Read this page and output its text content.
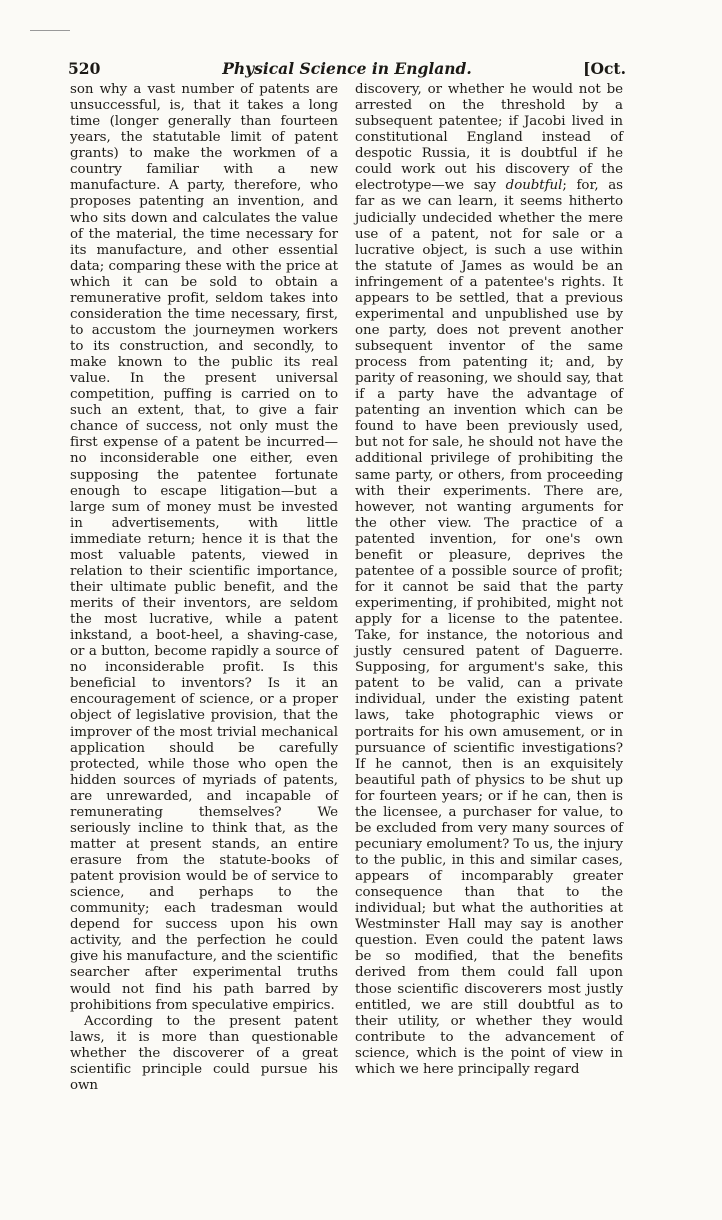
520	Physical Science in England.	[Oct.

son why a vast number of patents are unsuccessful, is, that it takes a long time (longer generally than fourteen years, the statutable limit of patent grants) to make the workmen of a country familiar with a new manufacture. A party, therefore, who proposes patenting an invention, and who sits down and calculates the value of the material, the time necessary for its manufacture, and other essential data; comparing these with the price at which it can be sold to obtain a remunerative profit, seldom takes into consideration the time necessary, first, to accustom the journeymen workers to its construction, and secondly, to make known to the public its real value. In the present universal competition, puffing is carried on to such an extent, that, to give a fair chance of success, not only must the first expense of a patent be incurred—no inconsiderable one either, even supposing the patentee fortunate enough to escape litigation—but a large sum of money must be invested in advertisements, with little immediate return; hence it is that the most valuable patents, viewed in relation to their scientific importance, their ultimate public benefit, and the merits of their inventors, are seldom the most lucrative, while a patent inkstand, a boot-heel, a shaving-case, or a button, become rapidly a source of no inconsiderable profit. Is this beneficial to inventors? Is it an encouragement of science, or a proper object of legislative provision, that the improver of the most trivial mechanical application should be carefully protected, while those who open the hidden sources of myriads of patents, are unrewarded, and incapable of remunerating themselves? We seriously incline to think that, as the matter at present stands, an entire erasure from the statute-books of patent provision would be of service to science, and perhaps to the community; each tradesman would depend for success upon his own activity, and the perfection he could give his manufacture, and the scientific searcher after experimental truths would not find his path barred by prohibitions from speculative empirics.

According to the present patent laws, it is more than questionable whether the discoverer of a great scientific principle could pursue his own

discovery, or whether he would not be arrested on the threshold by a subsequent patentee; if Jacobi lived in constitutional England instead of despotic Russia, it is doubtful if he could work out his discovery of the electrotype—we say doubtful; for, as far as we can learn, it seems hitherto judicially undecided whether the mere use of a patent, not for sale or a lucrative object, is such a use within the statute of James as would be an infringement of a patentee's rights. It appears to be settled, that a previous experimental and unpublished use by one party, does not prevent another subsequent inventor of the same process from patenting it; and, by parity of reasoning, we should say, that if a party have the advantage of patenting an invention which can be found to have been previously used, but not for sale, he should not have the additional privilege of prohibiting the same party, or others, from proceeding with their experiments. There are, however, not wanting arguments for the other view. The practice of a patented invention, for one's own benefit or pleasure, deprives the patentee of a possible source of profit; for it cannot be said that the party experimenting, if prohibited, might not apply for a license to the patentee. Take, for instance, the notorious and justly censured patent of Daguerre. Supposing, for argument's sake, this patent to be valid, can a private individual, under the existing patent laws, take photographic views or portraits for his own amusement, or in pursuance of scientific investigations? If he cannot, then is an exquisitely beautiful path of physics to be shut up for fourteen years; or if he can, then is the licensee, a purchaser for value, to be excluded from very many sources of pecuniary emolument? To us, the injury to the public, in this and similar cases, appears of incomparably greater consequence than that to the individual; but what the authorities at Westminster Hall may say is another question. Even could the patent laws be so modified, that the benefits derived from them could fall upon those scientific discoverers most justly entitled, we are still doubtful as to their utility, or whether they would contribute to the advancement of science, which is the point of view in which we here principally regard
